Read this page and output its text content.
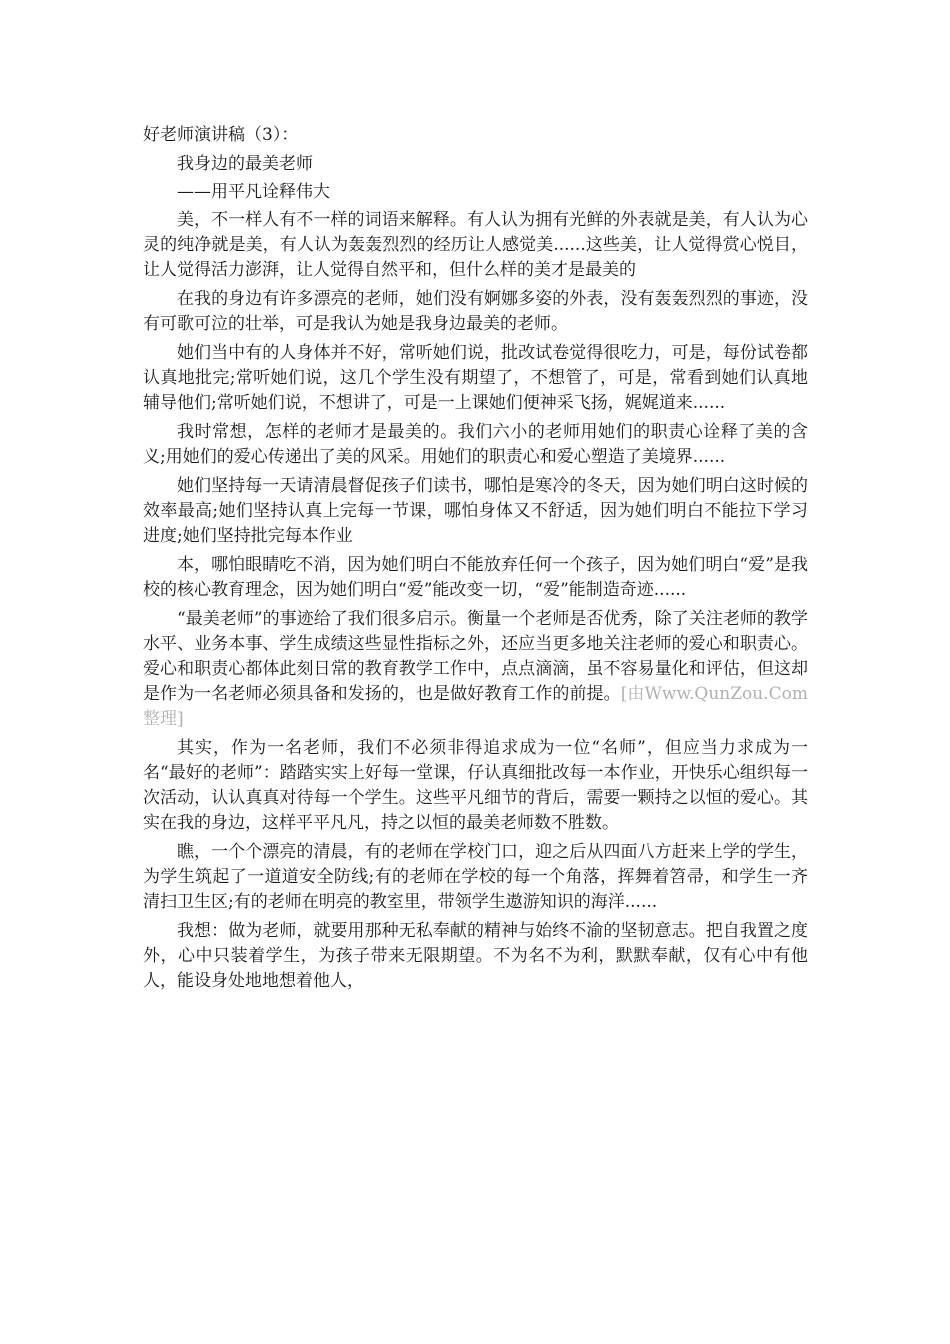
好老师演讲稿（3）：
我身边的最美老师
——用平凡诠释伟大

美，不一样人有不一样的词语来解释。有人认为拥有光鲜的外表就是美，有人认为心灵的纯净就是美，有人认为轰轰烈烈的经历让人感觉美......这些美，让人觉得赏心悦目，让人觉得活力澎湃，让人觉得自然平和，但什么样的美才是最美的

在我的身边有许多漂亮的老师，她们没有婀娜多姿的外表，没有轰轰烈烈的事迹，没有可歌可泣的壮举，可是我认为她是我身边最美的老师。

她们当中有的人身体并不好，常听她们说，批改试卷觉得很吃力，可是，每份试卷都认真地批完;常听她们说，这几个学生没有期望了，不想管了，可是，常看到她们认真地辅导他们;常听她们说，不想讲了，可是一上课她们便神采飞扬，娓娓道来......

我时常想，怎样的老师才是最美的。我们六小的老师用她们的职责心诠释了美的含义;用她们的爱心传递出了美的风采。用她们的职责心和爱心塑造了美境界......

她们坚持每一天请清晨督促孩子们读书，哪怕是寒冷的冬天，因为她们明白这时候的效率最高;她们坚持认真上完每一节课，哪怕身体又不舒适，因为她们明白不能拉下学习进度;她们坚持批完每本作业

本，哪怕眼睛吃不消，因为她们明白不能放弃任何一个孩子，因为她们明白“爱”是我校的核心教育理念，因为她们明白“爱”能改变一切，“爱”能制造奇迹......

“最美老师”的事迹给了我们很多启示。衡量一个老师是否优秀，除了关注老师的教学水平、业务本事、学生成绩这些显性指标之外，还应当更多地关注老师的爱心和职责心。爱心和职责心都体此刻日常的教育教学工作中，点点滴滴，虽不容易量化和评估，但这却是作为一名老师必须具备和发扬的，也是做好教育工作的前提。[由Www.QunZou.Com整理]

其实，作为一名老师，我们不必须非得追求成为一位“名师”，但应当力求成为一名“最好的老师”：踏踏实实上好每一堂课，仔认真细批改每一本作业，开快乐心组织每一次活动，认认真真对待每一个学生。这些平凡细节的背后，需要一颗持之以恒的爱心。其实在我的身边，这样平平凡凡，持之以恒的最美老师数不胜数。

瞧，一个个漂亮的清晨，有的老师在学校门口，迎之后从四面八方赶来上学的学生，为学生筑起了一道道安全防线;有的老师在学校的每一个角落，挥舞着笤帚，和学生一齐清扫卫生区;有的老师在明亮的教室里，带领学生遨游知识的海洋......

我想：做为老师，就要用那种无私奉献的精神与始终不渝的坚韧意志。把自我置之度外，心中只装着学生，为孩子带来无限期望。不为名不为利，默默奉献，仅有心中有他人，能设身处地地想着他人，
